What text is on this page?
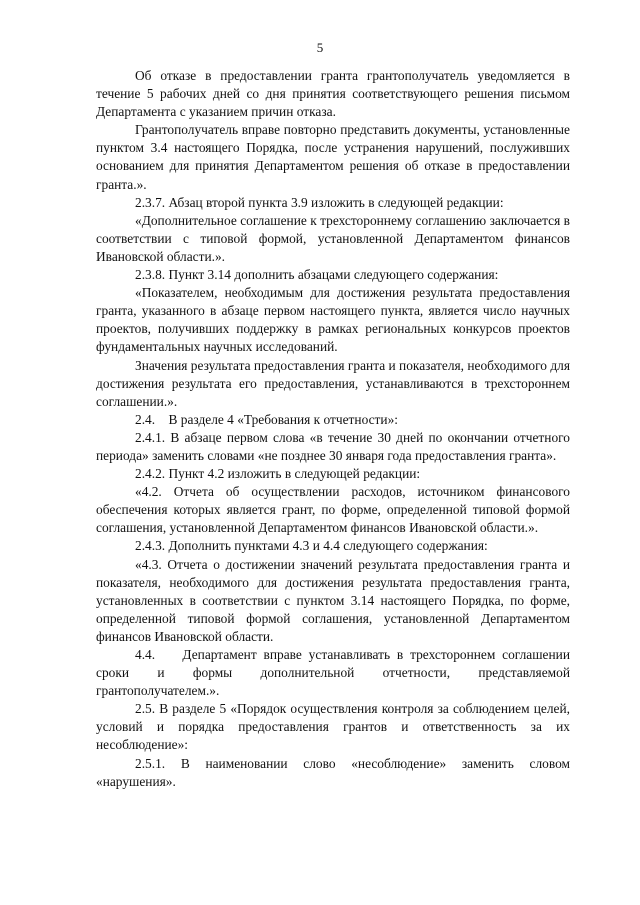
5

Об отказе в предоставлении гранта грантополучатель уведомляется в течение 5 рабочих дней со дня принятия соответствующего решения письмом Департамента с указанием причин отказа.

Грантополучатель вправе повторно представить документы, установленные пунктом 3.4 настоящего Порядка, после устранения нарушений, послуживших основанием для принятия Департаментом решения об отказе в предоставлении гранта.».

2.3.7. Абзац второй пункта 3.9 изложить в следующей редакции:

«Дополнительное соглашение к трехстороннему соглашению заключается в соответствии с типовой формой, установленной Департаментом финансов Ивановской области.».

2.3.8. Пункт 3.14 дополнить абзацами следующего содержания:

«Показателем, необходимым для достижения результата предоставления гранта, указанного в абзаце первом настоящего пункта, является число научных проектов, получивших поддержку в рамках региональных конкурсов проектов фундаментальных научных исследований.

Значения результата предоставления гранта и показателя, необходимого для достижения результата его предоставления, устанавливаются в трехстороннем соглашении.».

2.4.    В разделе 4 «Требования к отчетности»:

2.4.1. В абзаце первом слова «в течение 30 дней по окончании отчетного периода» заменить словами «не позднее 30 января года предоставления гранта».

2.4.2. Пункт 4.2 изложить в следующей редакции:

«4.2. Отчета об осуществлении расходов, источником финансового обеспечения которых является грант, по форме, определенной типовой формой соглашения, установленной Департаментом финансов Ивановской области.».

2.4.3. Дополнить пунктами 4.3 и 4.4 следующего содержания:

«4.3. Отчета о достижении значений результата предоставления гранта и показателя, необходимого для достижения результата предоставления гранта, установленных в соответствии с пунктом 3.14 настоящего Порядка, по форме, определенной типовой формой соглашения, установленной Департаментом финансов Ивановской области.

4.4.    Департамент вправе устанавливать в трехстороннем соглашении сроки и формы дополнительной отчетности, представляемой грантополучателем.».

2.5. В разделе 5 «Порядок осуществления контроля за соблюдением целей, условий и порядка предоставления грантов и ответственность за их несоблюдение»:

2.5.1. В наименовании слово «несоблюдение» заменить словом «нарушения».
